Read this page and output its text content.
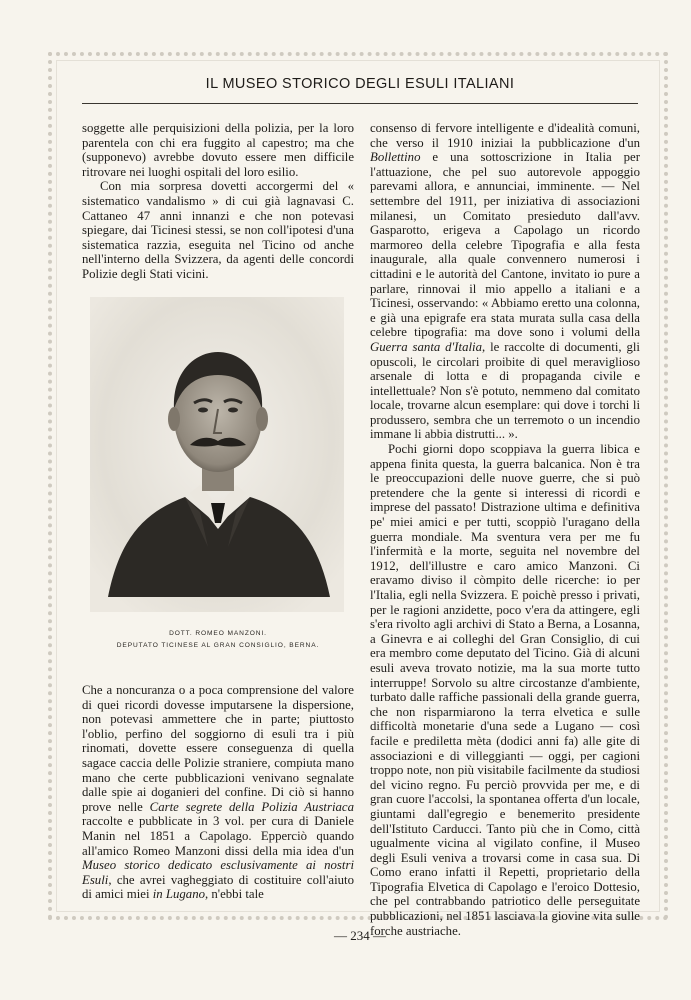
IL MUSEO STORICO DEGLI ESULI ITALIANI

soggette alle perquisizioni della polizia, per la loro parentela con chi era fuggito al capestro; ma che (supponevo) avrebbe dovuto essere men difficile ritrovare nei luoghi ospitali del loro esilio.

Con mia sorpresa dovetti accorgermi del « sistematico vandalismo » di cui già lagnavasi C. Cattaneo 47 anni innanzi e che non potevasi spiegare, dai Ticinesi stessi, se non coll'ipotesi d'una sistematica razzia, eseguita nel Ticino od anche nell'interno della Svizzera, da agenti delle concordi Polizie degli Stati vicini.

DOTT. ROMEO MANZONI.
DEPUTATO TICINESE AL GRAN CONSIGLIO, BERNA.

Che a noncuranza o a poca comprensione del valore di quei ricordi dovesse imputarsene la dispersione, non potevasi ammettere che in parte; piuttosto l'oblio, perfino del soggiorno di esuli tra i più rinomati, dovette essere conseguenza di quella sagace caccia delle Polizie straniere, compiuta mano mano che certe pubblicazioni venivano segnalate dalle spie ai doganieri del confine. Di ciò si hanno prove nelle Carte segrete della Polizia Austriaca raccolte e pubblicate in 3 vol. per cura di Daniele Manin nel 1851 a Capolago. Epperciò quando all'amico Romeo Manzoni dissi della mia idea d'un Museo storico dedicato esclusivamente ai nostri Esuli, che avrei vagheggiato di costituire coll'aiuto di amici miei in Lugano, n'ebbi tale

consenso di fervore intelligente e d'idealità comuni, che verso il 1910 iniziai la pubblicazione d'un Bollettino e una sottoscrizione in Italia per l'attuazione, che pel suo autorevole appoggio parevami allora, e annunciai, imminente. — Nel settembre del 1911, per iniziativa di associazioni milanesi, un Comitato presieduto dall'avv. Gasparotto, erigeva a Capolago un ricordo marmoreo della celebre Tipografia e alla festa inaugurale, alla quale convennero numerosi i cittadini e le autorità del Cantone, invitato io pure a parlare, rinnovai il mio appello a italiani e a Ticinesi, osservando: « Abbiamo eretto una colonna, e già una epigrafe era stata murata sulla casa della celebre tipografia: ma dove sono i volumi della Guerra santa d'Italia, le raccolte di documenti, gli opuscoli, le circolari proibite di quel meraviglioso arsenale di lotta e di propaganda civile e intellettuale? Non s'è potuto, nemmeno dal comitato locale, trovarne alcun esemplare: qui dove i torchi li produssero, sembra che un terremoto o un incendio immane li abbia distrutti... ».

Pochi giorni dopo scoppiava la guerra libica e appena finita questa, la guerra balcanica. Non è tra le preoccupazioni delle nuove guerre, che si può pretendere che la gente si interessi di ricordi e imprese del passato! Distrazione ultima e definitiva pe' miei amici e per tutti, scoppiò l'uragano della guerra mondiale. Ma sventura vera per me fu l'infermità e la morte, seguita nel novembre del 1912, dell'illustre e caro amico Manzoni. Ci eravamo diviso il còmpito delle ricerche: io per l'Italia, egli nella Svizzera. E poichè presso i privati, per le ragioni anzidette, poco v'era da attingere, egli s'era rivolto agli archivi di Stato a Berna, a Losanna, a Ginevra e ai colleghi del Gran Consiglio, di cui era membro come deputato del Ticino. Già di alcuni esuli aveva trovato notizie, ma la sua morte tutto interruppe! Sorvolo su altre circostanze d'ambiente, turbato dalle raffiche passionali della grande guerra, che non risparmiarono la terra elvetica e sulle difficoltà monetarie d'una sede a Lugano — così facile e prediletta mèta (dodici anni fa) alle gite di associazioni e di villeggianti — oggi, per cagioni troppo note, non più visitabile facilmente da studiosi del vicino regno. Fu perciò provvida per me, e di gran cuore l'accolsi, la spontanea offerta d'un locale, giuntami dall'egregio e benemerito presidente dell'Istituto Carducci. Tanto più che in Como, città ugualmente vicina al vigilato confine, il Museo degli Esuli veniva a trovarsi come in casa sua. Di Como erano infatti il Repetti, proprietario della Tipografia Elvetica di Capolago e l'eroico Dottesio, che pel contrabbando patriotico delle perseguitate pubblicazioni, nel 1851 lasciava la giovine vita sulle forche austriache.

— 234 —
